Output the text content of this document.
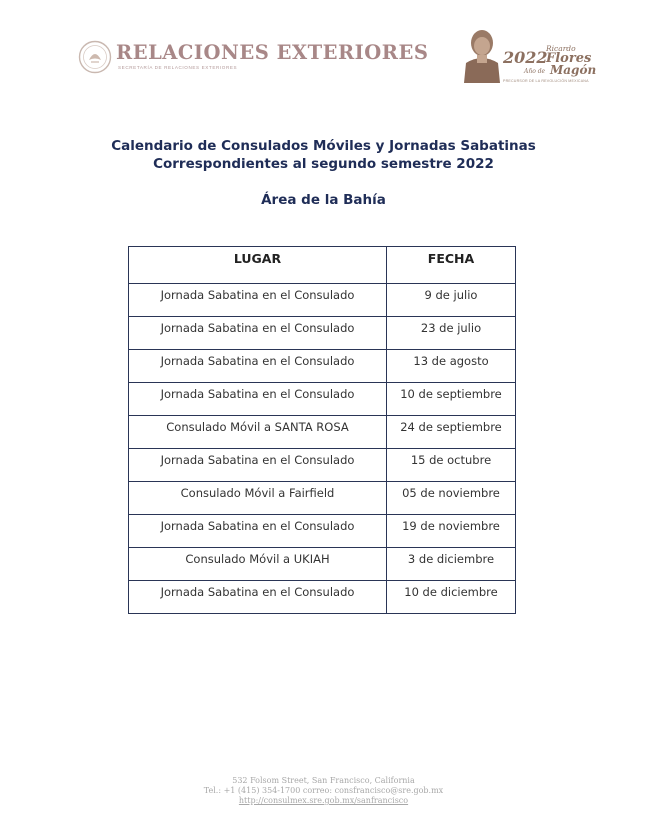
RELACIONES EXTERIORES

SECRETARÍA DE RELACIONES EXTERIORES

2022
Ricardo
Flores
Año de Magón
PRECURSOR DE LA REVOLUCIÓN MEXICANA
Calendario de Consulados Móviles y Jornadas Sabatinas
Correspondientes al segundo semestre 2022
Área de la Bahía
LUGAR	FECHA
Jornada Sabatina en el Consulado	9 de julio
Jornada Sabatina en el Consulado	23 de julio
Jornada Sabatina en el Consulado	13 de agosto
Jornada Sabatina en el Consulado	10 de septiembre
Consulado Móvil a SANTA ROSA	24 de septiembre
Jornada Sabatina en el Consulado	15 de octubre
Consulado Móvil a Fairfield	05 de noviembre
Jornada Sabatina en el Consulado	19 de noviembre
Consulado Móvil a UKIAH	3 de diciembre
Jornada Sabatina en el Consulado	10 de diciembre
532 Folsom Street, San Francisco, California
Tel.: +1 (415) 354-1700 correo: consfrancisco@sre.gob.mx
http://consulmex.sre.gob.mx/sanfrancisco
